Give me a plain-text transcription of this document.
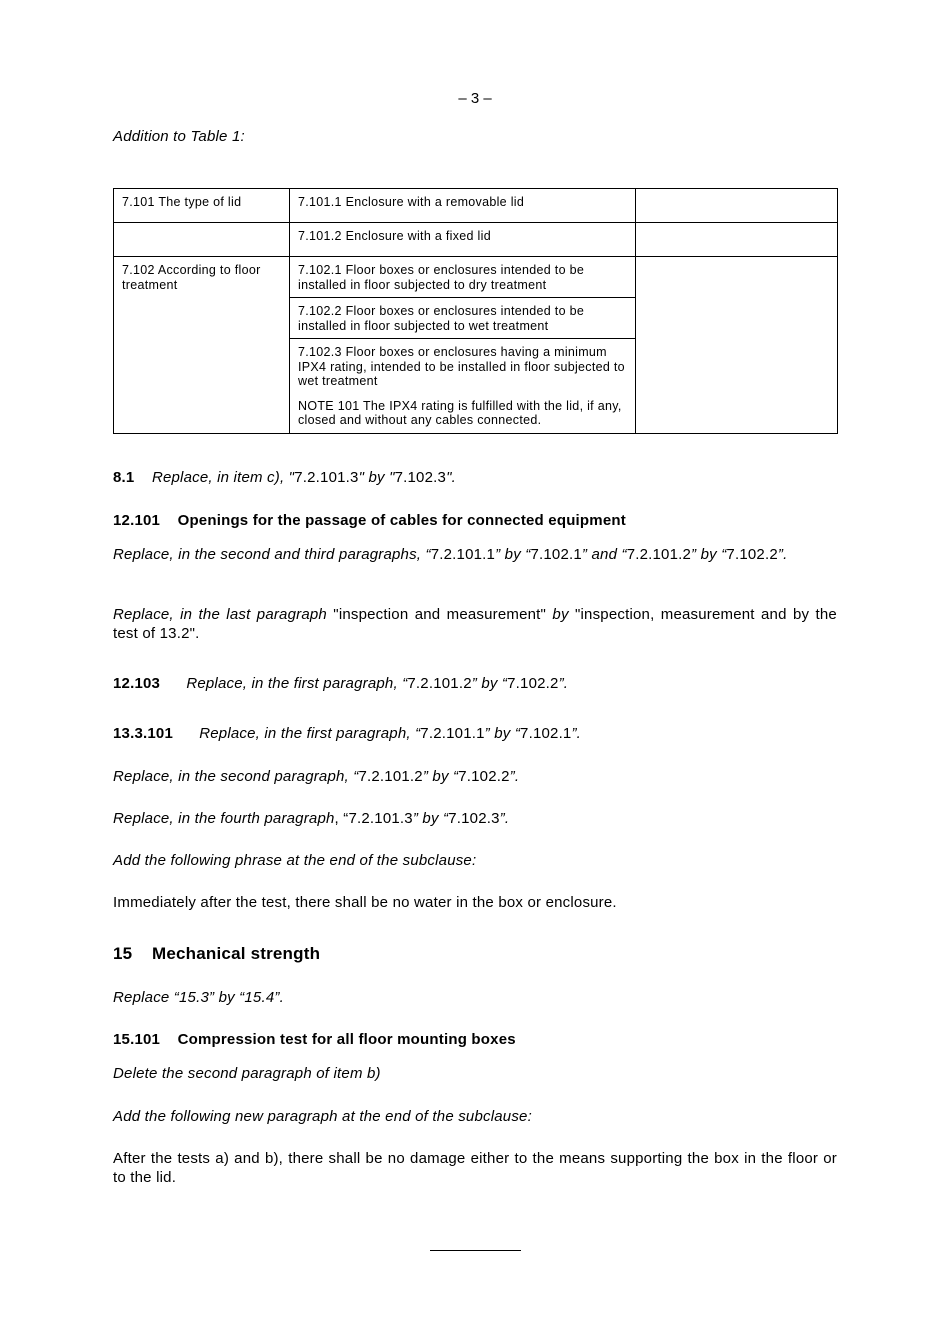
– 3 –
Addition to Table 1:
7.101 The type of lid	7.101.1 Enclosure with a removable lid	
	7.101.2 Enclosure with a fixed lid	
7.102 According to floor treatment	7.102.1 Floor boxes or enclosures intended to be installed in floor subjected to dry treatment	
	7.102.2 Floor boxes or enclosures intended to be installed in floor subjected to wet treatment	

	7.102.3 Floor boxes or enclosures having a minimum IPX4 rating, intended to be installed in floor subjected to wet treatment
NOTE 101 The IPX4 rating is fulfilled with the lid, if any, closed and without any cables connected.	
8.1 Replace, in item c), "7.2.101.3" by "7.102.3".
12.101 Openings for the passage of cables for connected equipment
Replace, in the second and third paragraphs, “7.2.101.1” by “7.102.1” and “7.2.101.2” by “7.102.2”.
Replace, in the last paragraph "inspection and measurement" by "inspection, measurement and by the test of 13.2".
12.103 Replace, in the first paragraph, “7.2.101.2” by “7.102.2”.
13.3.101 Replace, in the first paragraph, “7.2.101.1” by “7.102.1”.
Replace, in the second paragraph, “7.2.101.2” by “7.102.2”.
Replace, in the fourth paragraph, “7.2.101.3” by “7.102.3”.
Add the following phrase at the end of the subclause:
Immediately after the test, there shall be no water in the box or enclosure.
15    Mechanical strength
Replace “15.3” by “15.4”.
15.101 Compression test for all floor mounting boxes
Delete the second paragraph of item b)
Add the following new paragraph at the end of the subclause:
After the tests a) and b), there shall be no damage either to the means supporting the box in the floor or to the lid.
